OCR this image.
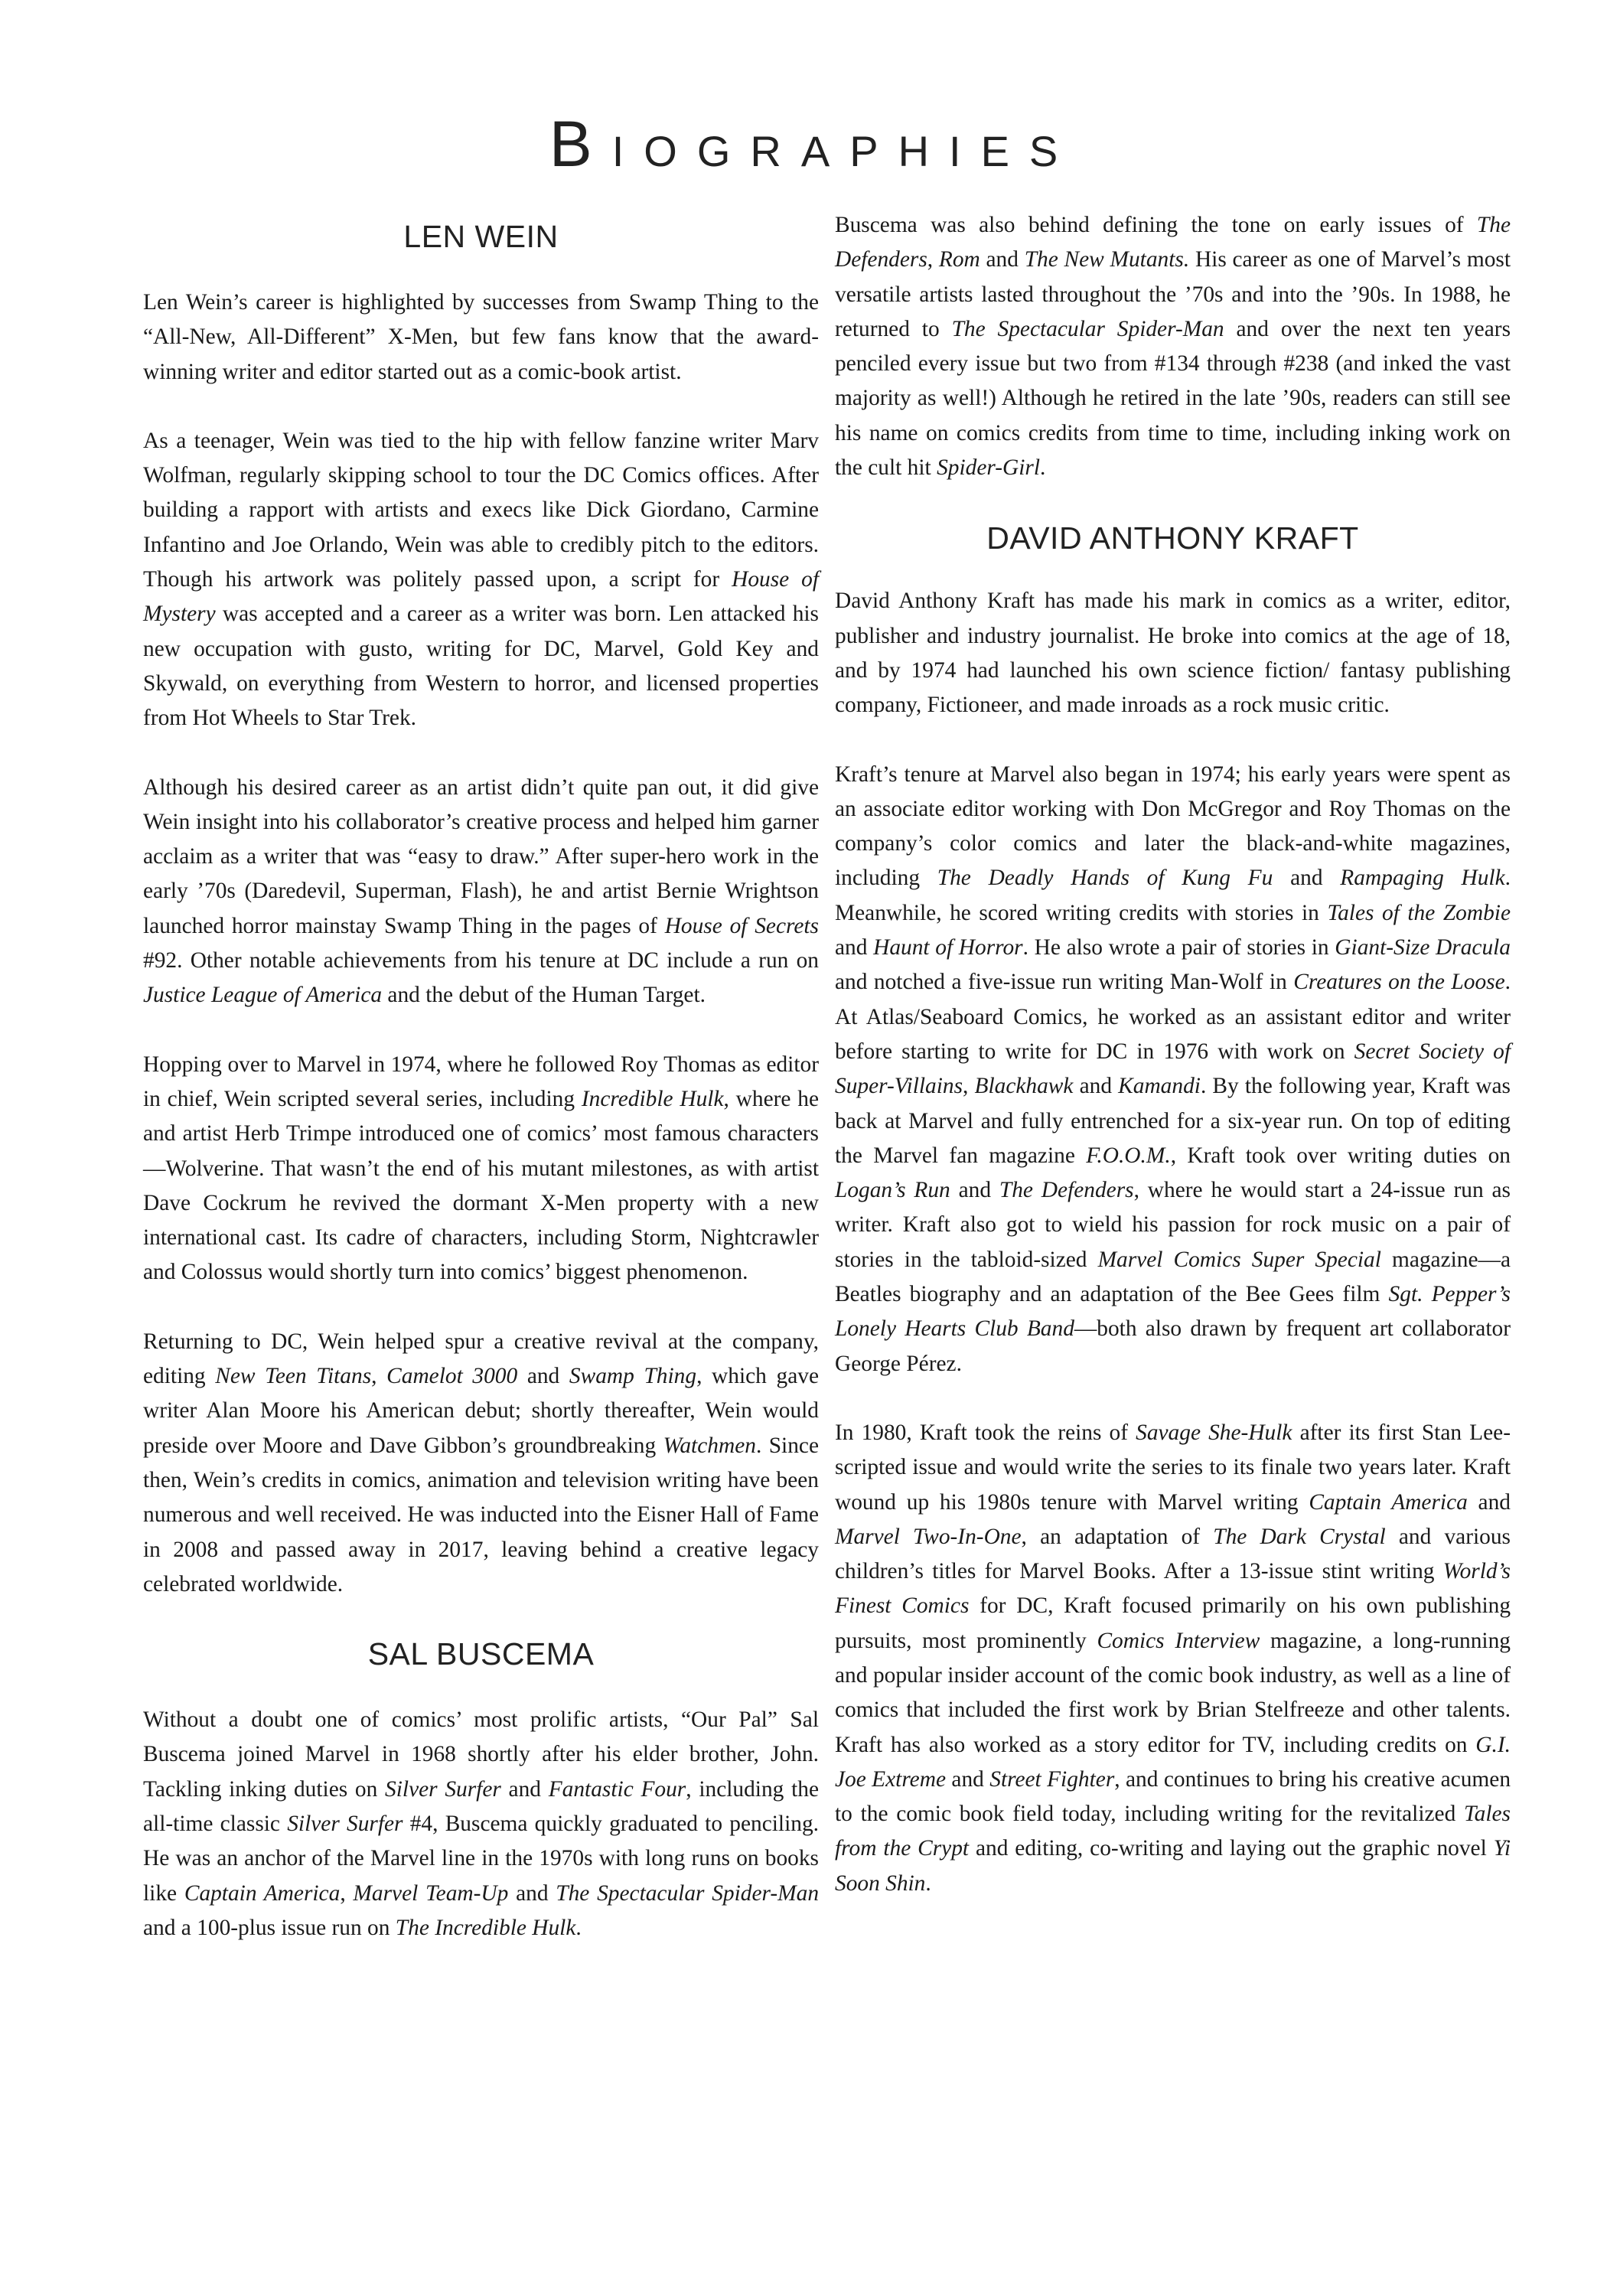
BIOGRAPHIES
LEN WEIN

Len Wein’s career is highlighted by successes from Swamp Thing to the “All-New, All-Different” X-Men, but few fans know that the award-winning writer and editor started out as a comic-book artist.

As a teenager, Wein was tied to the hip with fellow fanzine writer Marv Wolfman, regularly skipping school to tour the DC Comics offices. After building a rapport with artists and execs like Dick Giordano, Carmine Infantino and Joe Orlando, Wein was able to credibly pitch to the editors. Though his artwork was politely passed upon, a script for House of Mystery was accepted and a career as a writer was born. Len attacked his new occupation with gusto, writing for DC, Marvel, Gold Key and Skywald, on everything from Western to horror, and licensed properties from Hot Wheels to Star Trek.

Although his desired career as an artist didn’t quite pan out, it did give Wein insight into his collaborator’s creative process and helped him garner acclaim as a writer that was “easy to draw.” After super-hero work in the early ’70s (Daredevil, Superman, Flash), he and artist Bernie Wrightson launched horror mainstay Swamp Thing in the pages of House of Secrets #92. Other notable achievements from his tenure at DC include a run on Justice League of America and the debut of the Human Target.

Hopping over to Marvel in 1974, where he followed Roy Thomas as editor in chief, Wein scripted several series, including Incredible Hulk, where he and artist Herb Trimpe introduced one of comics’ most famous characters—Wolverine. That wasn’t the end of his mutant milestones, as with artist Dave Cockrum he revived the dormant X-Men property with a new international cast. Its cadre of characters, including Storm, Nightcrawler and Colossus would shortly turn into comics’ biggest phenomenon.

Returning to DC, Wein helped spur a creative revival at the company, editing New Teen Titans, Camelot 3000 and Swamp Thing, which gave writer Alan Moore his American debut; shortly thereafter, Wein would preside over Moore and Dave Gibbon’s groundbreaking Watchmen. Since then, Wein’s credits in comics, animation and television writing have been numerous and well received. He was inducted into the Eisner Hall of Fame in 2008 and passed away in 2017, leaving behind a creative legacy celebrated worldwide.

SAL BUSCEMA

Without a doubt one of comics’ most prolific artists, “Our Pal” Sal Buscema joined Marvel in 1968 shortly after his elder brother, John. Tackling inking duties on Silver Surfer and Fantastic Four, including the all-time classic Silver Surfer #4, Buscema quickly graduated to penciling. He was an anchor of the Marvel line in the 1970s with long runs on books like Captain America, Marvel Team-Up and The Spectacular Spider-Man and a 100-plus issue run on The Incredible Hulk.

Buscema was also behind defining the tone on early issues of The Defenders, Rom and The New Mutants. His career as one of Marvel’s most versatile artists lasted throughout the ’70s and into the ’90s. In 1988, he returned to The Spectacular Spider-Man and over the next ten years penciled every issue but two from #134 through #238 (and inked the vast majority as well!) Although he retired in the late ’90s, readers can still see his name on comics credits from time to time, including inking work on the cult hit Spider-Girl.

DAVID ANTHONY KRAFT

David Anthony Kraft has made his mark in comics as a writer, editor, publisher and industry journalist. He broke into comics at the age of 18, and by 1974 had launched his own science fiction/ fantasy publishing company, Fictioneer, and made inroads as a rock music critic.

Kraft’s tenure at Marvel also began in 1974; his early years were spent as an associate editor working with Don McGregor and Roy Thomas on the company’s color comics and later the black-and-white magazines, including The Deadly Hands of Kung Fu and Rampaging Hulk. Meanwhile, he scored writing credits with stories in Tales of the Zombie and Haunt of Horror. He also wrote a pair of stories in Giant-Size Dracula and notched a five-issue run writing Man-Wolf in Creatures on the Loose. At Atlas/Seaboard Comics, he worked as an assistant editor and writer before starting to write for DC in 1976 with work on Secret Society of Super-Villains, Blackhawk and Kamandi. By the following year, Kraft was back at Marvel and fully entrenched for a six-year run. On top of editing the Marvel fan magazine F.O.O.M., Kraft took over writing duties on Logan’s Run and The Defenders, where he would start a 24-issue run as writer. Kraft also got to wield his passion for rock music on a pair of stories in the tabloid-sized Marvel Comics Super Special magazine—a Beatles biography and an adaptation of the Bee Gees film Sgt. Pepper’s Lonely Hearts Club Band—both also drawn by frequent art collaborator George Pérez.

In 1980, Kraft took the reins of Savage She-Hulk after its first Stan Lee-scripted issue and would write the series to its finale two years later. Kraft wound up his 1980s tenure with Marvel writing Captain America and Marvel Two-In-One, an adaptation of The Dark Crystal and various children’s titles for Marvel Books. After a 13-issue stint writing World’s Finest Comics for DC, Kraft focused primarily on his own publishing pursuits, most prominently Comics Interview magazine, a long-running and popular insider account of the comic book industry, as well as a line of comics that included the first work by Brian Stelfreeze and other talents. Kraft has also worked as a story editor for TV, including credits on G.I. Joe Extreme and Street Fighter, and continues to bring his creative acumen to the comic book field today, including writing for the revitalized Tales from the Crypt and editing, co-writing and laying out the graphic novel Yi Soon Shin.
